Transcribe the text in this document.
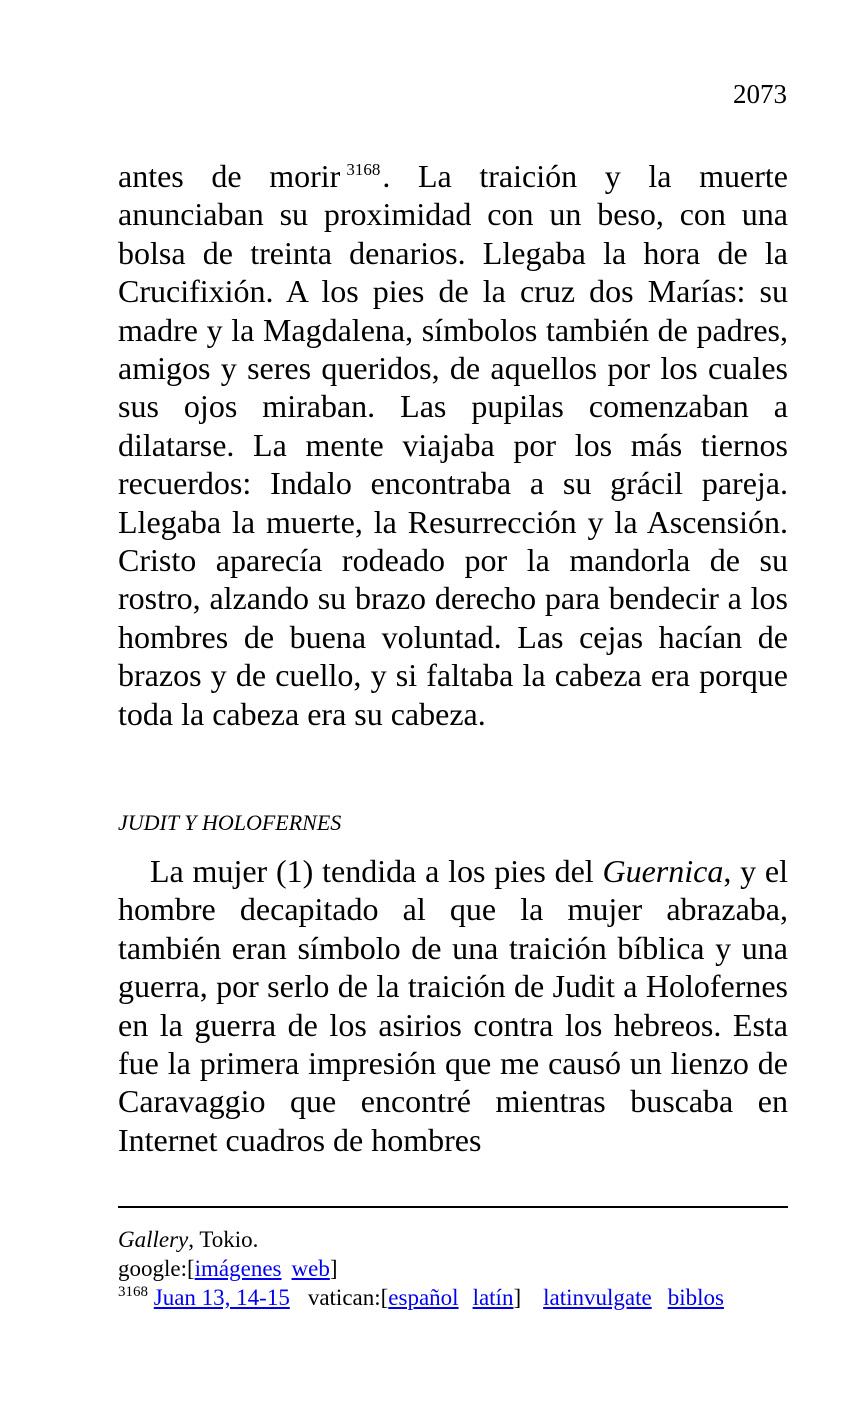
2073

antes de morir $^{3168}$. La traición y la muerte anunciaban su proximidad con un beso, con una bolsa de treinta denarios. Llegaba la hora de la Crucifixión. A los pies de la cruz dos Marías: su madre y la Magdalena, símbolos también de padres, amigos y seres queridos, de aquellos por los cuales sus ojos miraban. Las pupilas comenzaban a dilatarse. La mente viajaba por los más tiernos recuerdos: Indalo encontraba a su grácil pareja. Llegaba la muerte, la Resurrección y la Ascensión. Cristo aparecía rodeado por la mandorla de su rostro, alzando su brazo derecho para bendecir a los hombres de buena voluntad. Las cejas hacían de brazos y de cuello, y si faltaba la cabeza era porque toda la cabeza era su cabeza.

JUDIT Y HOLOFERNES

La mujer (1) tendida a los pies del Guernica, y el hombre decapitado al que la mujer abrazaba, también eran símbolo de una traición bíblica y una guerra, por serlo de la traición de Judit a Holofernes en la guerra de los asirios contra los hebreos. Esta fue la primera impresión que me causó un lienzo de Caravaggio que encontré mientras buscaba en Internet cuadros de hombres

Gallery, Tokio.
google:[imágenes web]
$^{3168}$ Juan 13, 14-15 vatican:[español latín] latinvulgate biblos
